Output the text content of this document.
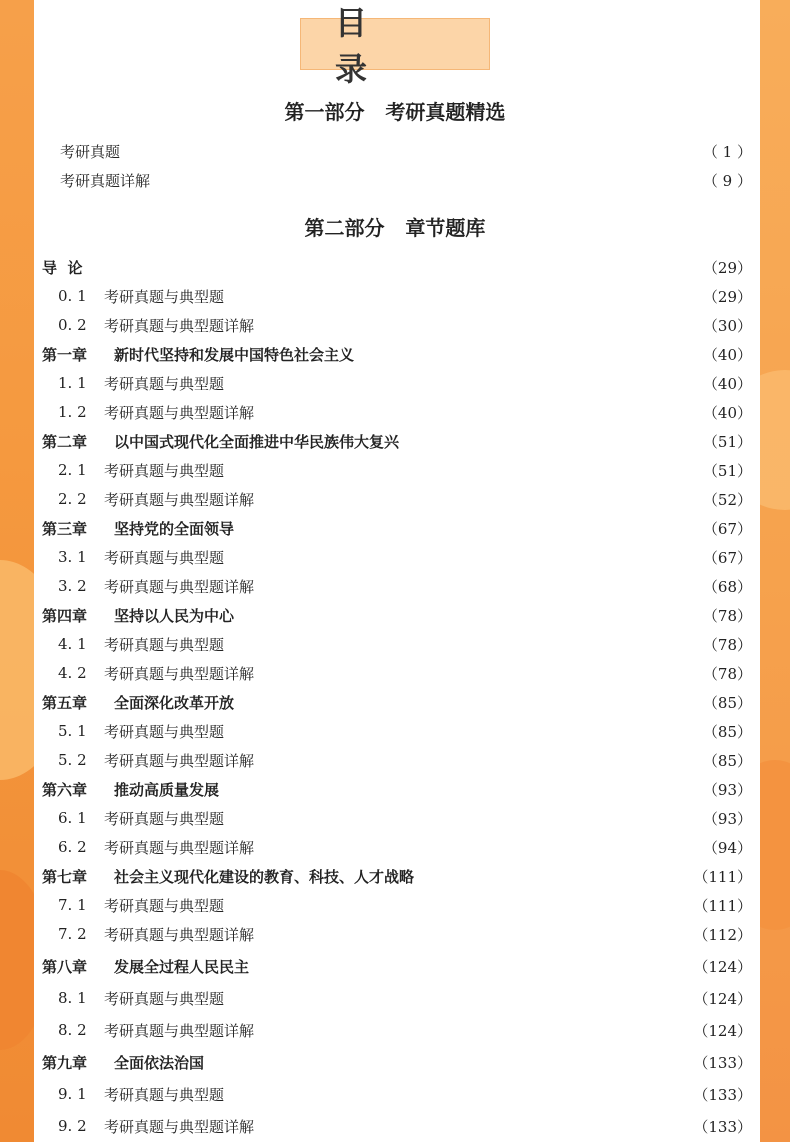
目 录
第一部分   考研真题精选
考研真题	（ 1 ）
考研真题详解	（ 9 ）
第二部分   章节题库
导  论	（29）
0. 1	考研真题与典型题	（29）
0. 2	考研真题与典型题详解	（30）
第一章	新时代坚持和发展中国特色社会主义	（40）
1. 1	考研真题与典型题	（40）
1. 2	考研真题与典型题详解	（40）
第二章	以中国式现代化全面推进中华民族伟大复兴	（51）
2. 1	考研真题与典型题	（51）
2. 2	考研真题与典型题详解	（52）
第三章	坚持党的全面领导	（67）
3. 1	考研真题与典型题	（67）
3. 2	考研真题与典型题详解	（68）
第四章	坚持以人民为中心	（78）
4. 1	考研真题与典型题	（78）
4. 2	考研真题与典型题详解	（78）
第五章	全面深化改革开放	（85）
5. 1	考研真题与典型题	（85）
5. 2	考研真题与典型题详解	（85）
第六章	推动高质量发展	（93）
6. 1	考研真题与典型题	（93）
6. 2	考研真题与典型题详解	（94）
第七章	社会主义现代化建设的教育、科技、人才战略	（111）
7. 1	考研真题与典型题	（111）
7. 2	考研真题与典型题详解	（112）
第八章	发展全过程人民民主	（124）
8. 1	考研真题与典型题	（124）
8. 2	考研真题与典型题详解	（124）
第九章	全面依法治国	（133）
9. 1	考研真题与典型题	（133）
9. 2	考研真题与典型题详解	（133）
